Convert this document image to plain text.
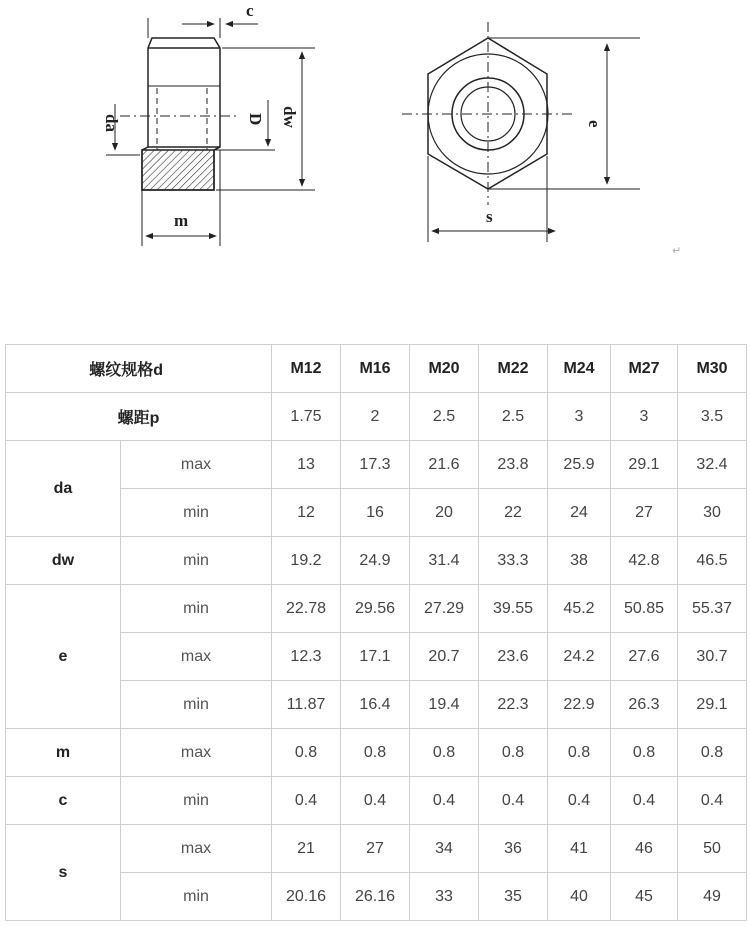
c
da	D dw
m
e
s
↵
螺纹规格d		M12	M16	M20	M22	M24	M27	M30
螺距p		1.75	2	2.5	2.5	3	3	3.5
da	max	13	17.3	21.6	23.8	25.9	29.1	32.4
	min	12	16	20	22	24	27	30
dw	min	19.2	24.9	31.4	33.3	38	42.8	46.5
e	min	22.78	29.56	27.29	39.55	45.2	50.85	55.37
	max	12.3	17.1	20.7	23.6	24.2	27.6	30.7
	min	11.87	16.4	19.4	22.3	22.9	26.3	29.1
m	max	0.8	0.8	0.8	0.8	0.8	0.8	0.8
c	min	0.4	0.4	0.4	0.4	0.4	0.4	0.4
s	max	21	27	34	36	41	46	50
	min	20.16	26.16	33	35	40	45	49
